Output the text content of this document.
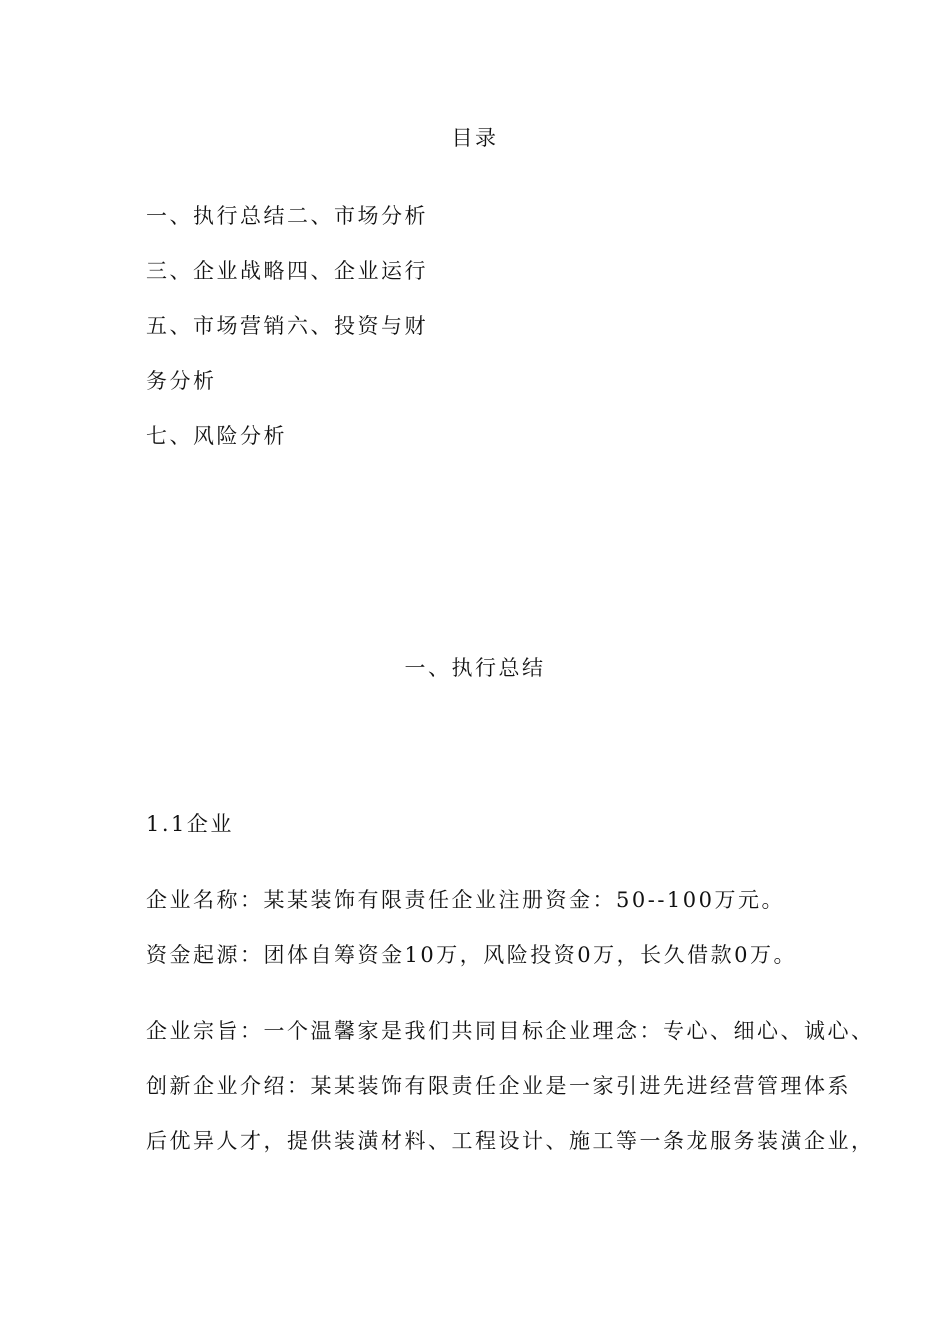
目录
一、执行总结二、市场分析
三、企业战略四、企业运行
五、市场营销六、投资与财
务分析
七、风险分析
一、执行总结
1.1企业
企业名称：某某装饰有限责任企业注册资金：50--100万元。
资金起源：团体自筹资金10万，风险投资0万，长久借款0万。
企业宗旨：一个温馨家是我们共同目标企业理念：专心、细心、诚心、
创新企业介绍：某某装饰有限责任企业是一家引进先进经营管理体系
后优异人才，提供装潢材料、工程设计、施工等一条龙服务装潢企业，
